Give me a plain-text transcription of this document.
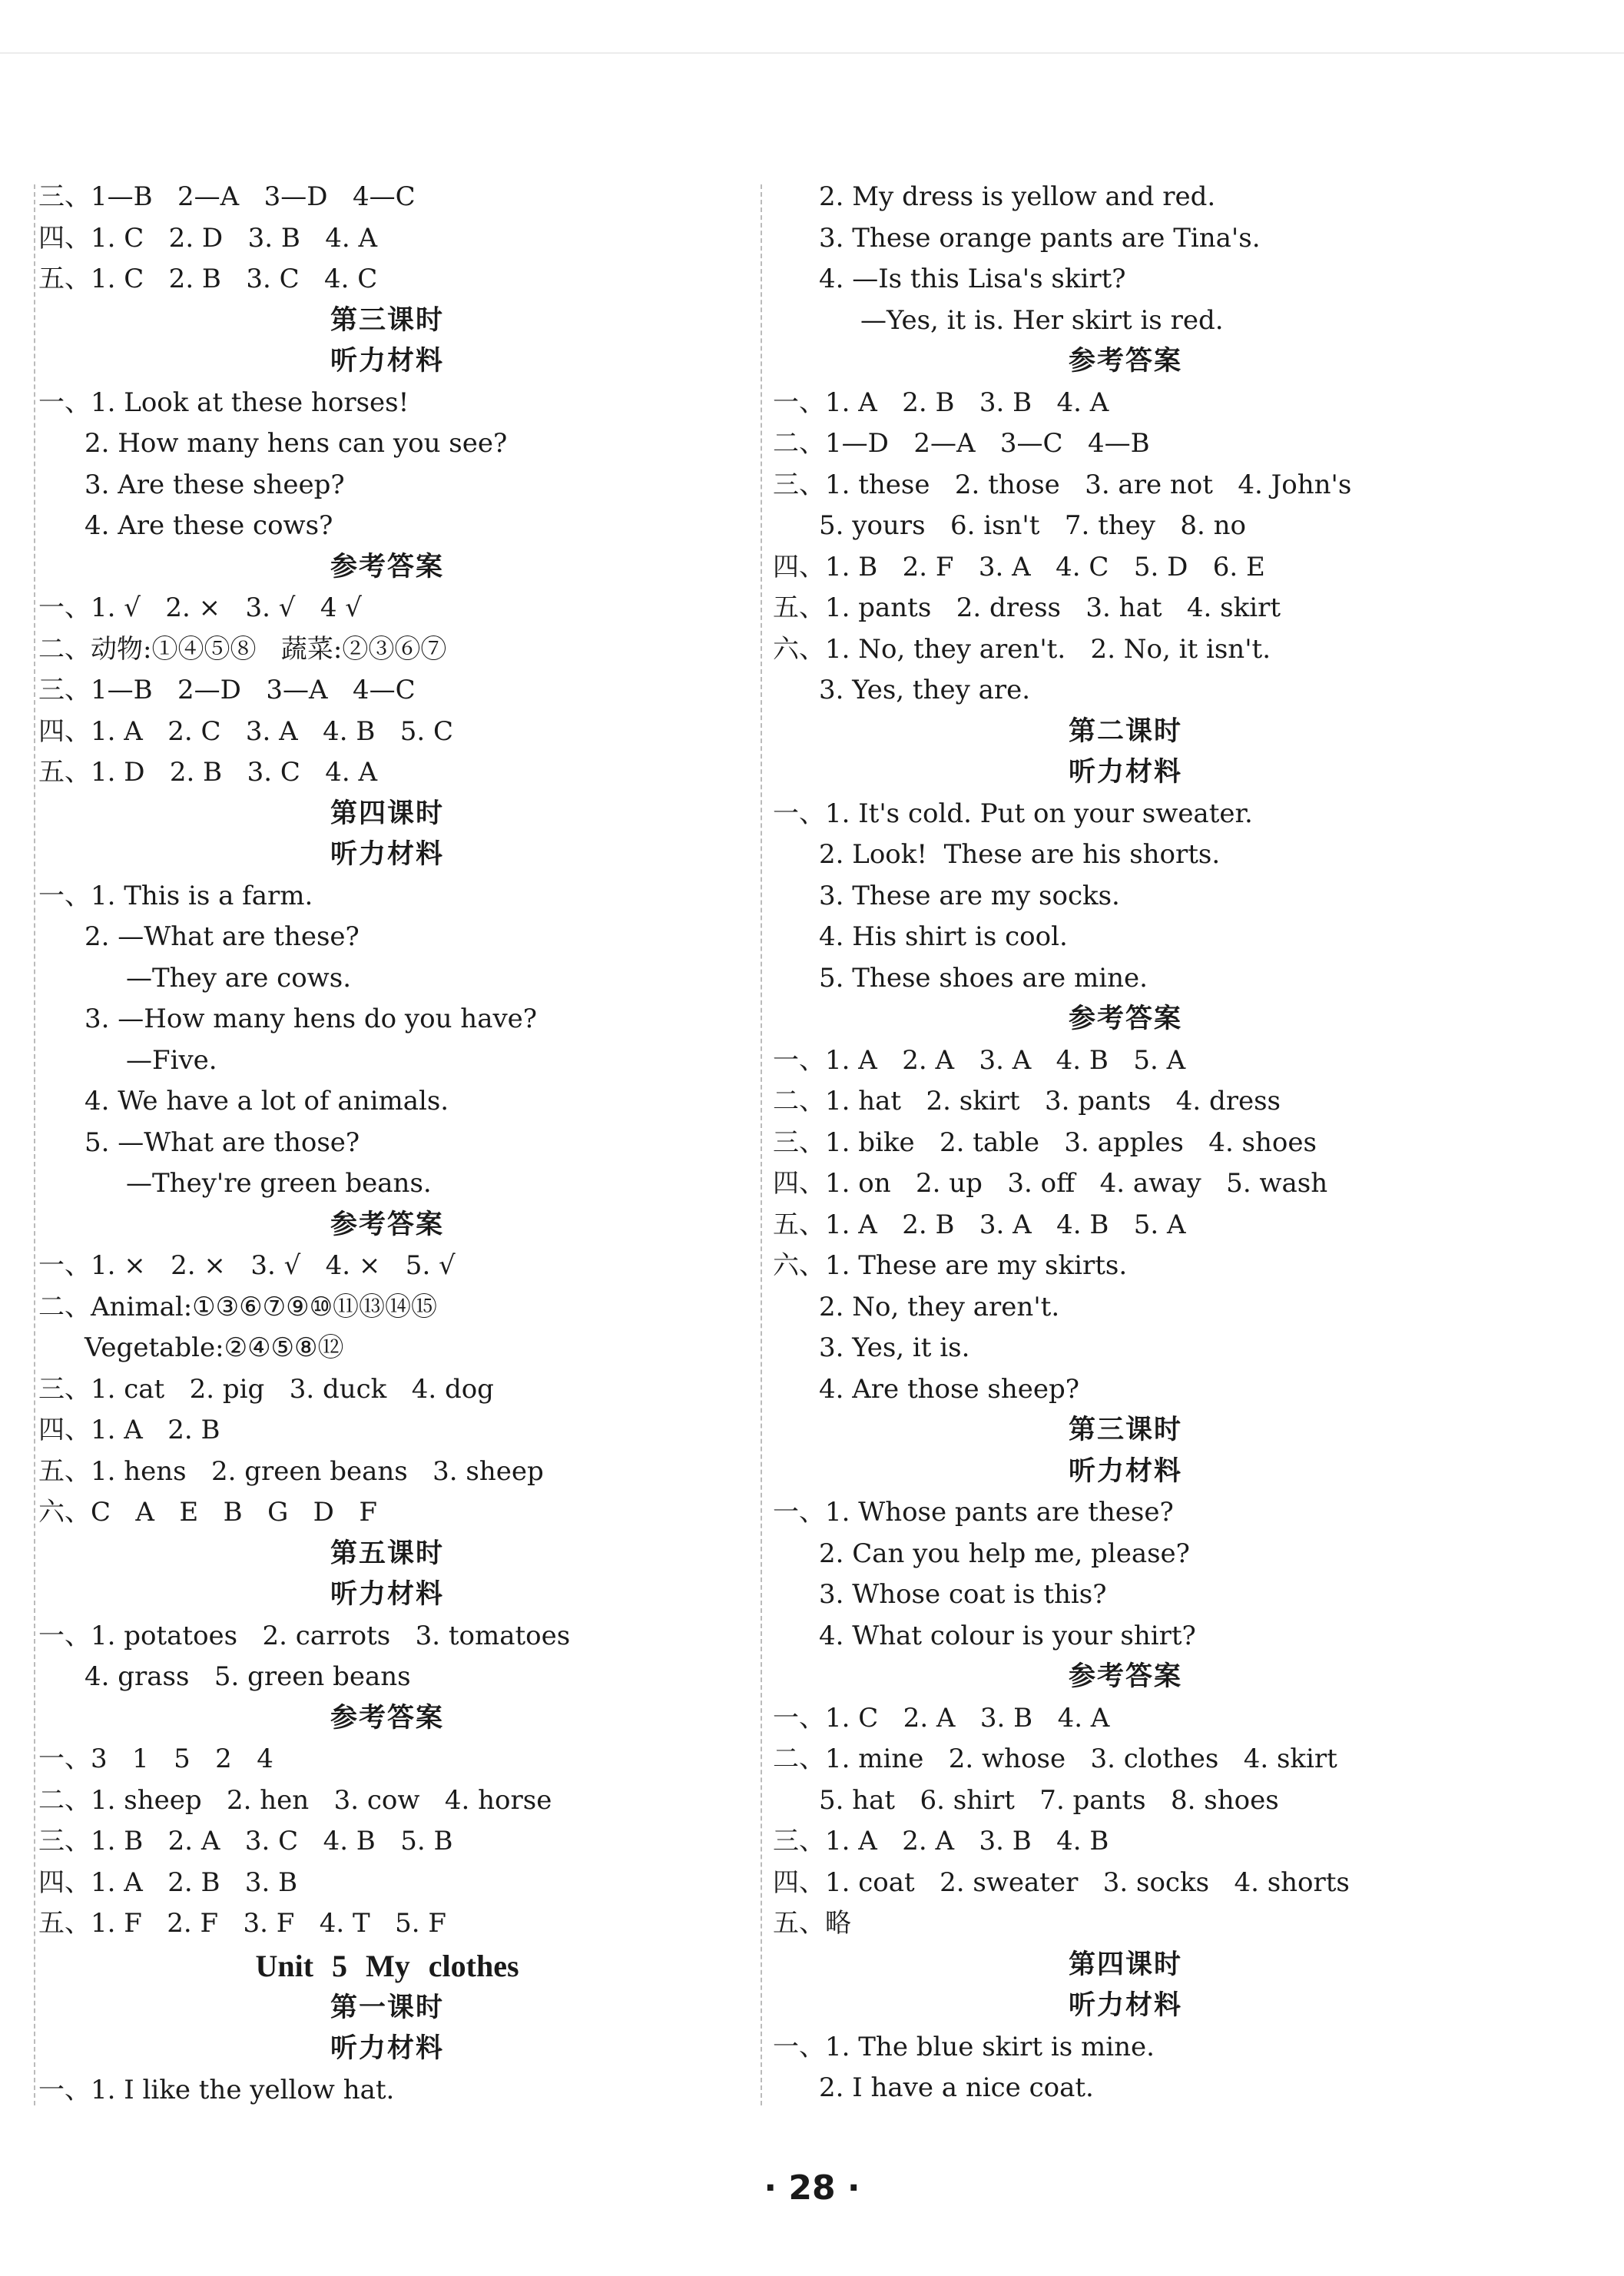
三、1—B   2—A   3—D   4—C
四、1. C   2. D   3. B   4. A
五、1. C   2. B   3. C   4. C
第三课时
听力材料
一、1. Look at these horses!
2. How many hens can you see?
3. Are these sheep?
4. Are these cows?
参考答案
一、1. √   2. ×   3. √   4 √
二、动物:①④⑤⑧   蔬菜:②③⑥⑦
三、1—B   2—D   3—A   4—C
四、1. A   2. C   3. A   4. B   5. C
五、1. D   2. B   3. C   4. A
第四课时
听力材料
一、1. This is a farm.
2. —What are these?
—They are cows.
3. —How many hens do you have?
—Five.
4. We have a lot of animals.
5. —What are those?
—They're green beans.
参考答案
一、1. ×   2. ×   3. √   4. ×   5. √
二、Animal:①③⑥⑦⑨⑩⑪⑬⑭⑮
Vegetable:②④⑤⑧⑫
三、1. cat   2. pig   3. duck   4. dog
四、1. A   2. B
五、1. hens   2. green beans   3. sheep
六、C   A   E   B   G   D   F
第五课时
听力材料
一、1. potatoes   2. carrots   3. tomatoes
4. grass   5. green beans
参考答案
一、3   1   5   2   4
二、1. sheep   2. hen   3. cow   4. horse
三、1. B   2. A   3. C   4. B   5. B
四、1. A   2. B   3. B
五、1. F   2. F   3. F   4. T   5. F
Unit 5 My clothes
第一课时
听力材料
一、1. I like the yellow hat.
2. My dress is yellow and red.
3. These orange pants are Tina's.
4. —Is this Lisa's skirt?
—Yes, it is. Her skirt is red.
参考答案
一、1. A   2. B   3. B   4. A
二、1—D   2—A   3—C   4—B
三、1. these   2. those   3. are not   4. John's
5. yours   6. isn't   7. they   8. no
四、1. B   2. F   3. A   4. C   5. D   6. E
五、1. pants   2. dress   3. hat   4. skirt
六、1. No, they aren't.   2. No, it isn't.
3. Yes, they are.
第二课时
听力材料
一、1. It's cold. Put on your sweater.
2. Look!  These are his shorts.
3. These are my socks.
4. His shirt is cool.
5. These shoes are mine.
参考答案
一、1. A   2. A   3. A   4. B   5. A
二、1. hat   2. skirt   3. pants   4. dress
三、1. bike   2. table   3. apples   4. shoes
四、1. on   2. up   3. off   4. away   5. wash
五、1. A   2. B   3. A   4. B   5. A
六、1. These are my skirts.
2. No, they aren't.
3. Yes, it is.
4. Are those sheep?
第三课时
听力材料
一、1. Whose pants are these?
2. Can you help me, please?
3. Whose coat is this?
4. What colour is your shirt?
参考答案
一、1. C   2. A   3. B   4. A
二、1. mine   2. whose   3. clothes   4. skirt
5. hat   6. shirt   7. pants   8. shoes
三、1. A   2. A   3. B   4. B
四、1. coat   2. sweater   3. socks   4. shorts
五、略
第四课时
听力材料
一、1. The blue skirt is mine.
2. I have a nice coat.
· 28 ·
